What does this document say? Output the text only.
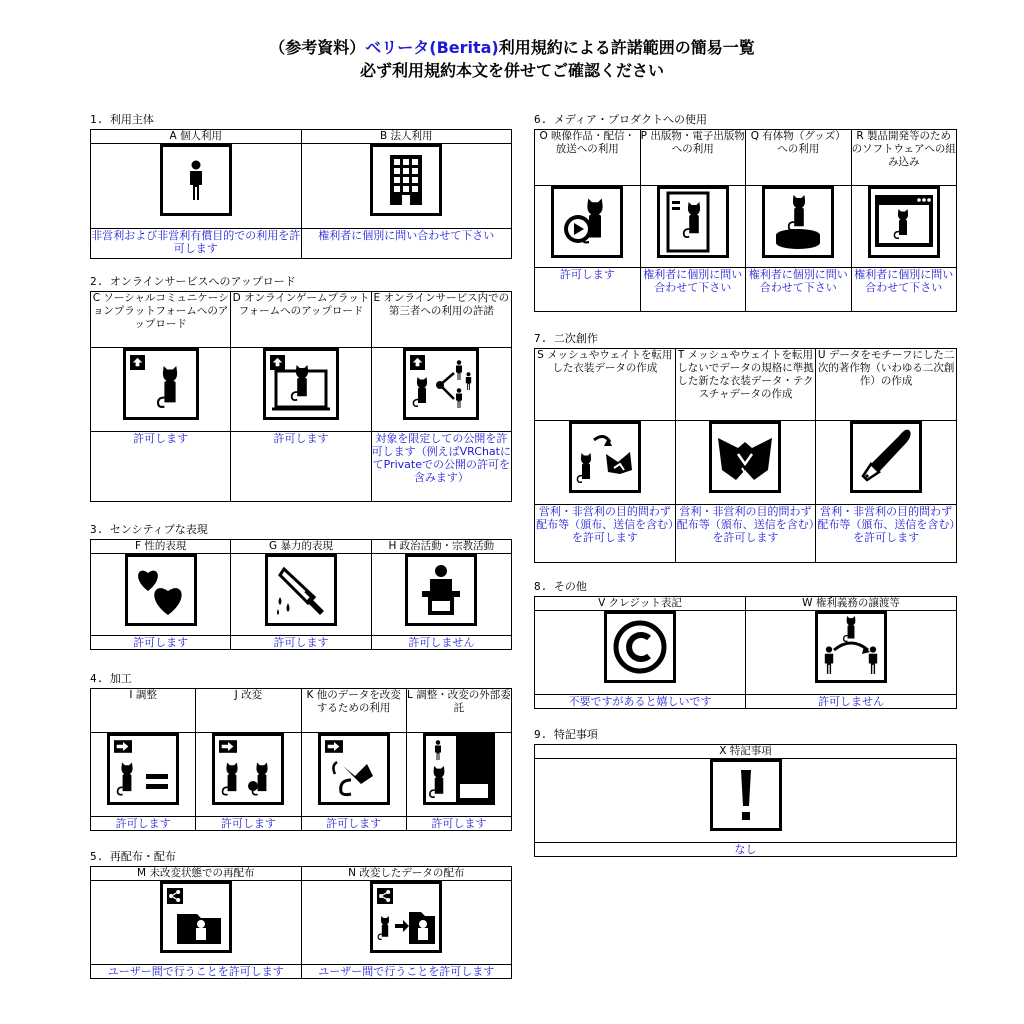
（参考資料）ベリータ(Berita)利用規約による許諾範囲の簡易一覧
必ず利用規約本文を併せてご確認ください
1. 利用主体
A 個人利用	B 法人利用

非営利および非営利有償目的での利用を許可します	権利者に個別に問い合わせて下さい
2. オンラインサービスへのアップロード
C ソーシャルコミュニケーションプラットフォームへのアップロード	D オンラインゲームプラットフォームへのアップロード	E オンラインサービス内での第三者への利用の許諾

許可します	許可します	対象を限定しての公開を許可します（例えばVRChatにてPrivateでの公開の許可を含みます）
3. センシティブな表現
F 性的表現	G 暴力的表現	H 政治活動・宗教活動

許可します	許可します	許可しません
4. 加工
I 調整	J 改変	K 他のデータを改変するための利用	L 調整・改変の外部委託

許可します	許可します	許可します	許可します
5. 再配布・配布
M 未改変状態での再配布	N 改変したデータの配布

ユーザー間で行うことを許可します	ユーザー間で行うことを許可します
6. メディア・プロダクトへの使用
O 映像作品・配信・放送への利用	P 出版物・電子出版物への利用	Q 有体物（グッズ）への利用	R 製品開発等のためのソフトウェアへの組み込み

許可します	権利者に個別に問い合わせて下さい	権利者に個別に問い合わせて下さい	権利者に個別に問い合わせて下さい
7. 二次創作
S メッシュやウェイトを転用した衣装データの作成	T メッシュやウェイトを転用しないでデータの規格に準拠した新たな衣装データ・テクスチャデータの作成	U データをモチーフにした二次的著作物（いわゆる二次創作）の作成

営利・非営利の目的問わず配布等（頒布、送信を含む）を許可します	営利・非営利の目的問わず配布等（頒布、送信を含む）を許可します	営利・非営利の目的問わず配布等（頒布、送信を含む）を許可します
8. その他
V クレジット表記	W 権利義務の譲渡等

不要ですがあると嬉しいです	許可しません
9. 特記事項
X 特記事項

なし
